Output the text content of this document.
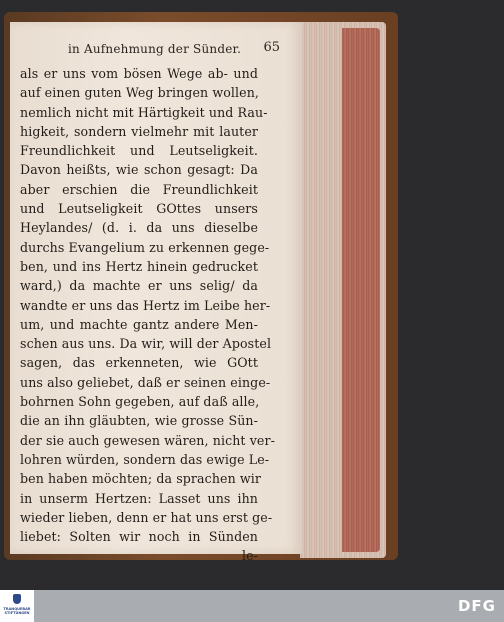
in Aufnehmung der Sünder. 65
als er uns vom bösen Wege ab- und
auf einen guten Weg bringen wollen,
nemlich nicht mit Härtigkeit und Rau-
higkeit, sondern vielmehr mit lauter
Freundlichkeit und Leutseligkeit.
Davon heißts, wie schon gesagt: Da
aber erschien die Freundlichkeit
und Leutseligkeit GOttes unsers
Heylandes/ (d. i. da uns dieselbe
durchs Evangelium zu erkennen gege-
ben, und ins Hertz hinein gedrucket
ward,) da machte er uns selig/ da
wandte er uns das Hertz im Leibe her-
um, und machte gantz andere Men-
schen aus uns. Da wir, will der Apostel
sagen, das erkenneten, wie GOtt
uns also geliebet, daß er seinen einge-
bohrnen Sohn gegeben, auf daß alle,
die an ihn gläubten, wie grosse Sün-
der sie auch gewesen wären, nicht ver-
lohren würden, sondern das ewige Le-
ben haben möchten; da sprachen wir
in unserm Hertzen: Lasset uns ihn
wieder lieben, denn er hat uns erst ge-
liebet: Solten wir noch in Sünden
le-
TRANQUEBAR STIFTUNGEN	DFG
